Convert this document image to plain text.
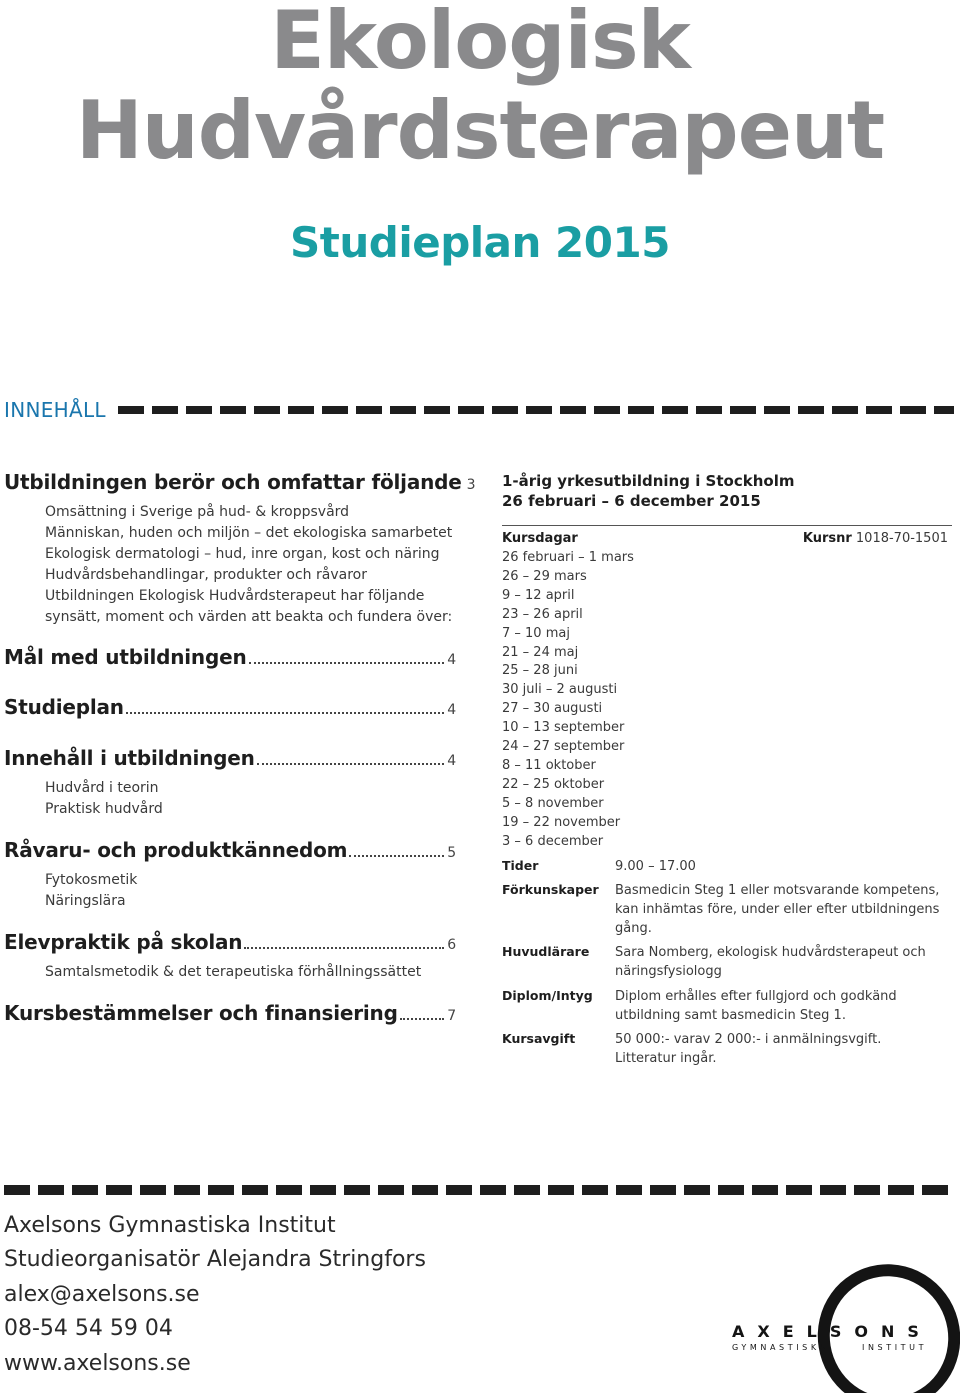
Ekologisk
Hudvårdsterapeut
Studieplan 2015
INNEHÅLL
Utbildningen berör och omfattar följande 3
Omsättning i Sverige på hud- & kroppsvård
Människan, huden och miljön – det ekologiska samarbetet
Ekologisk dermatologi – hud, inre organ, kost och näring
Hudvårdsbehandlingar, produkter och råvaror
Utbildningen Ekologisk Hudvårdsterapeut har följande
synsätt, moment och värden att beakta och fundera över:
Mål med utbildningen	4
Studieplan	4
Innehåll i utbildningen	4
Hudvård i teorin
Praktisk hudvård
Råvaru- och produktkännedom	5
Fytokosmetik
Näringslära
Elevpraktik på skolan	6
Samtalsmetodik & det terapeutiska förhållningssättet
Kursbestämmelser och finansiering	7
1-årig yrkesutbildning i Stockholm
26 februari – 6 december 2015
Kursdagar	Kursnr 1018-70-1501
26 februari – 1 mars
26 – 29 mars
9 – 12 april
23 – 26 april
7 – 10 maj
21 – 24 maj
25 – 28 juni
30 juli – 2 augusti
27 – 30 augusti
10 – 13 september
24 – 27 september
8 – 11 oktober
22 – 25 oktober
5 – 8 november
19 – 22 november
3 – 6 december
Tider	9.00 – 17.00
Förkunskaper Basmedicin Steg 1 eller motsvarande kompetens,
kan inhämtas före, under eller efter utbildningens
gång.
Huvudlärare Sara Nomberg, ekologisk hudvårdsterapeut och
näringsfysiologg
Diplom/Intyg Diplom erhålles efter fullgjord och godkänd
utbildning samt basmedicin Steg 1.
Kursavgift	50 000:- varav 2 000:- i anmälningsvgift.
Litteratur ingår.
Axelsons Gymnastiska Institut
Studieorganisatör Alejandra Stringfors
alex@axelsons.se
08-54 54 59 04
www.axelsons.se
AXELSONS
GYMNASTISKA	INSTITUT
